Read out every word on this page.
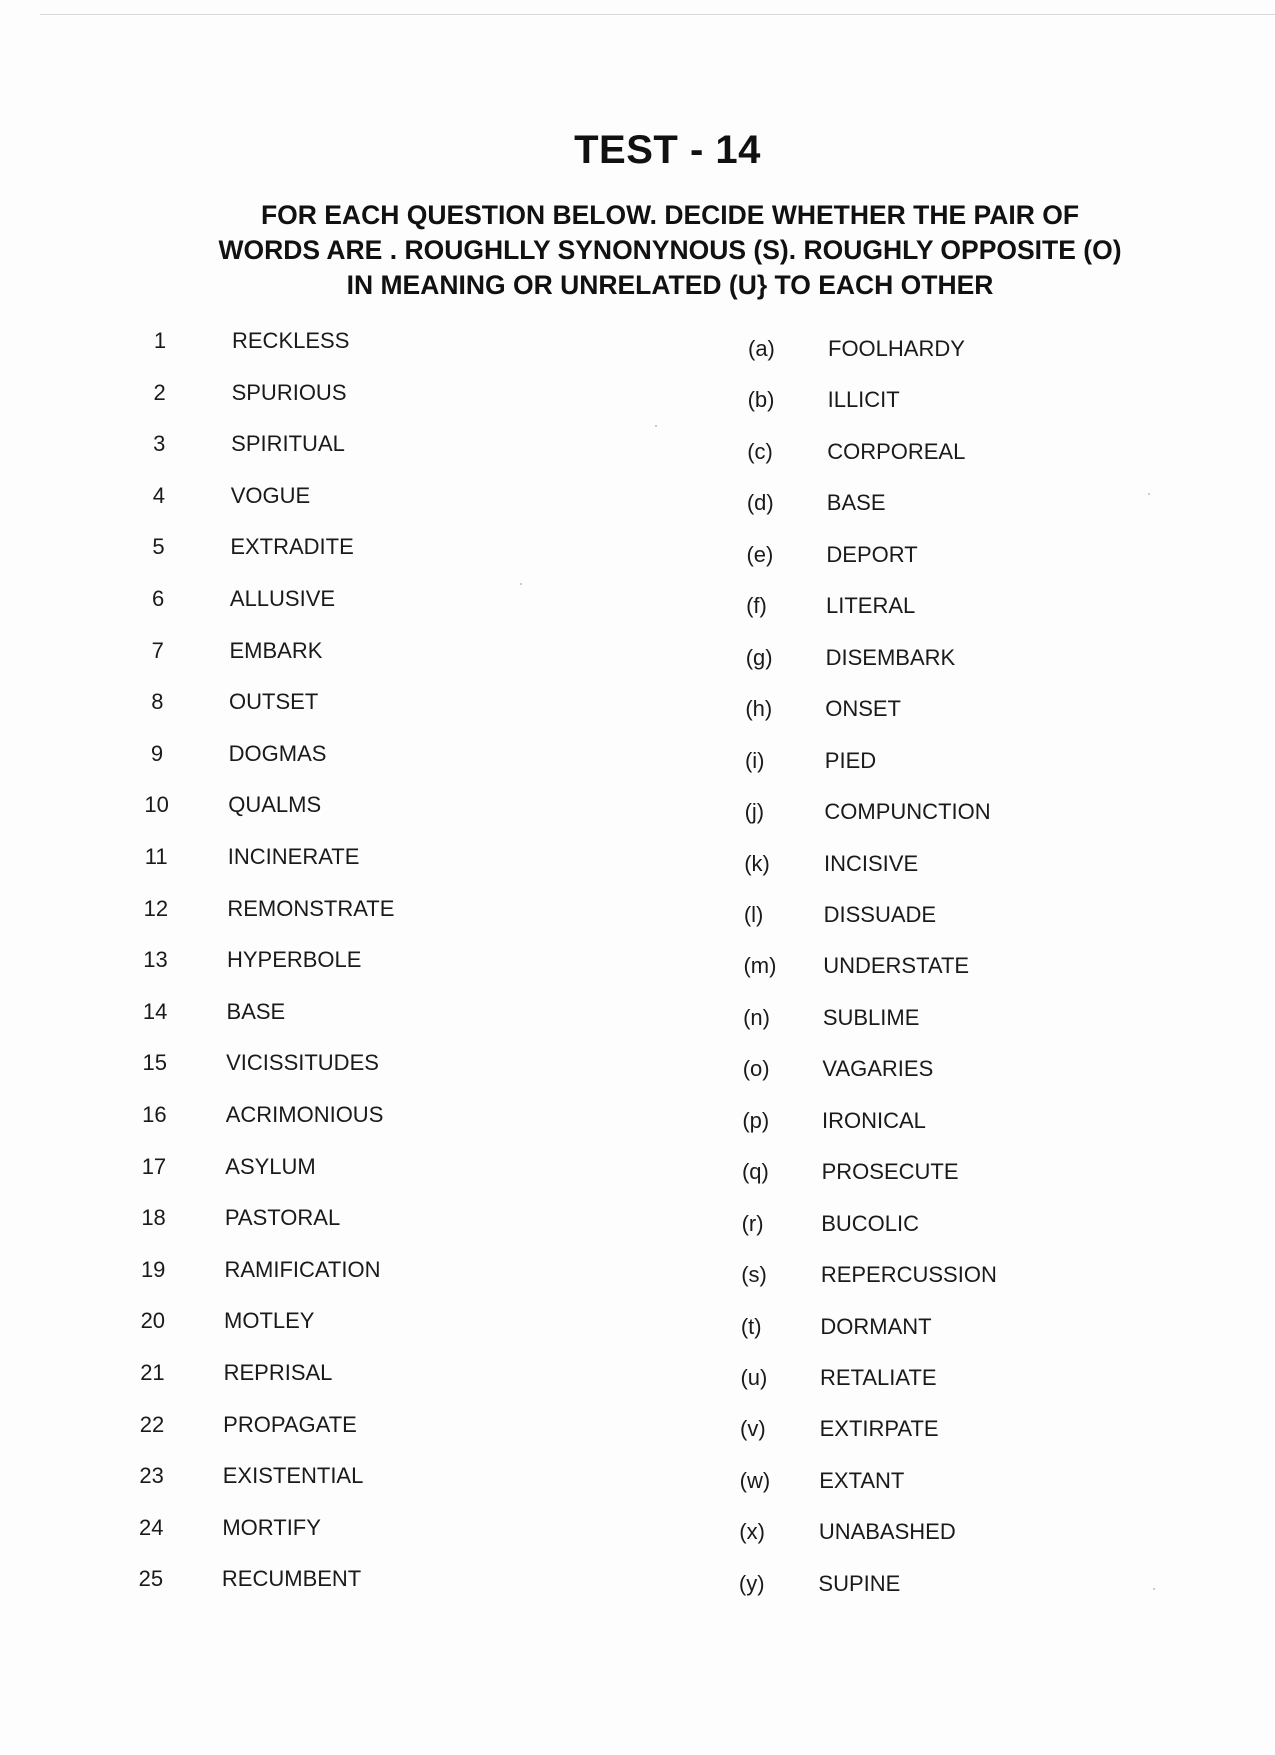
TEST - 14
FOR EACH QUESTION BELOW. DECIDE WHETHER THE PAIR OF
WORDS ARE . ROUGHLLY SYNONYNOUS (S). ROUGHLY OPPOSITE (O)
IN MEANING OR UNRELATED (U} TO EACH OTHER
1	RECKLESS	(a) FOOLHARDY
2	SPURIOUS	(b) ILLICIT
3	SPIRITUAL	(c) CORPOREAL
4	VOGUE	(d) BASE
5	EXTRADITE	(e) DEPORT
6	ALLUSIVE	(f)	LITERAL
7	EMBARK	(g) DISEMBARK
8	OUTSET	(h) ONSET
9	DOGMAS	(i)	PIED
10	QUALMS	(j)	COMPUNCTION
11	INCINERATE	(k) INCISIVE
12	REMONSTRATE	(l)	DISSUADE
13	HYPERBOLE	(m) UNDERSTATE
14	BASE	(n) SUBLIME
15	VICISSITUDES	(o) VAGARIES
16	ACRIMONIOUS	(p) IRONICAL
17	ASYLUM	(q) PROSECUTE
18	PASTORAL	(r)	BUCOLIC
19	RAMIFICATION	(s) REPERCUSSION
20	MOTLEY	(t)	DORMANT
21	REPRISAL	(u) RETALIATE
22	PROPAGATE	(v) EXTIRPATE
23	EXISTENTIAL	(w) EXTANT
24	MORTIFY	(x) UNABASHED
25	RECUMBENT	(y) SUPINE
